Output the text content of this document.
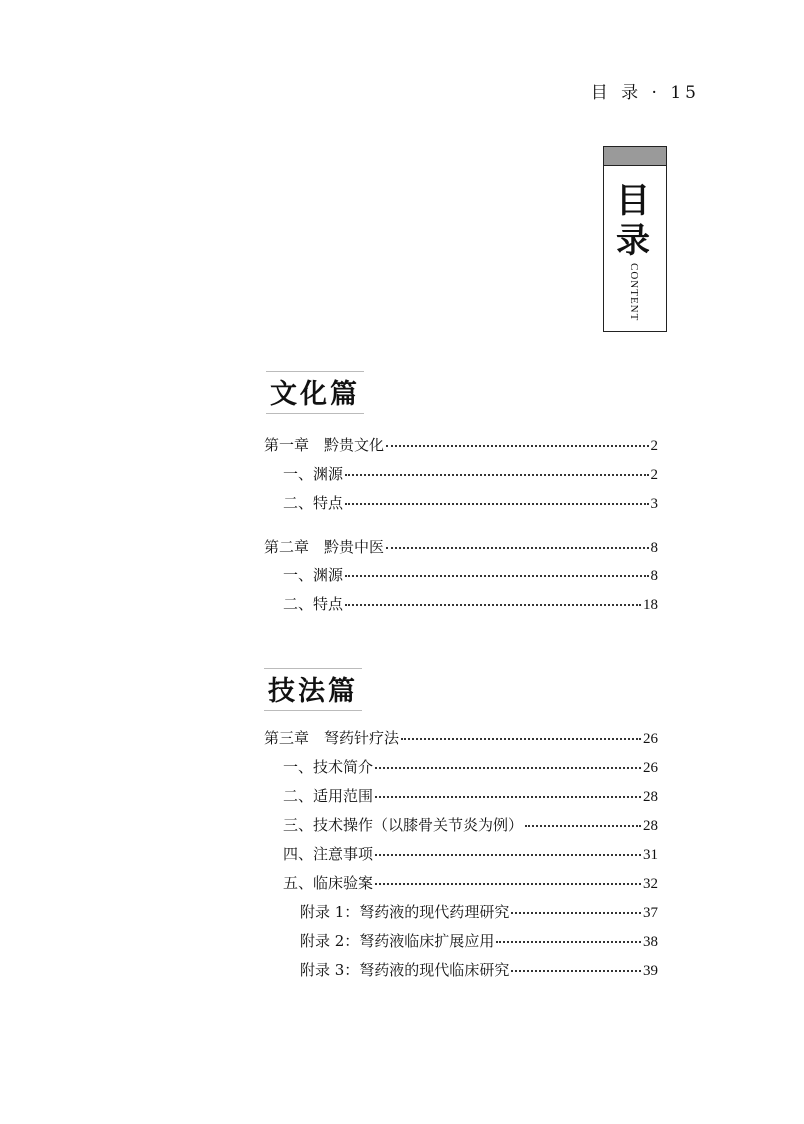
目 录 · 15
目
录
CONTENT
文化篇
第一章　黔贵文化	2
一、渊源	2
二、特点	3
第二章　黔贵中医	8
一、渊源	8
二、特点	18
技法篇
第三章　弩药针疗法	26
一、技术简介	26
二、适用范围	28
三、技术操作（以膝骨关节炎为例）	28
四、注意事项	31
五、临床验案	32
附录 1：弩药液的现代药理研究	37
附录 2：弩药液临床扩展应用	38
附录 3：弩药液的现代临床研究	39
